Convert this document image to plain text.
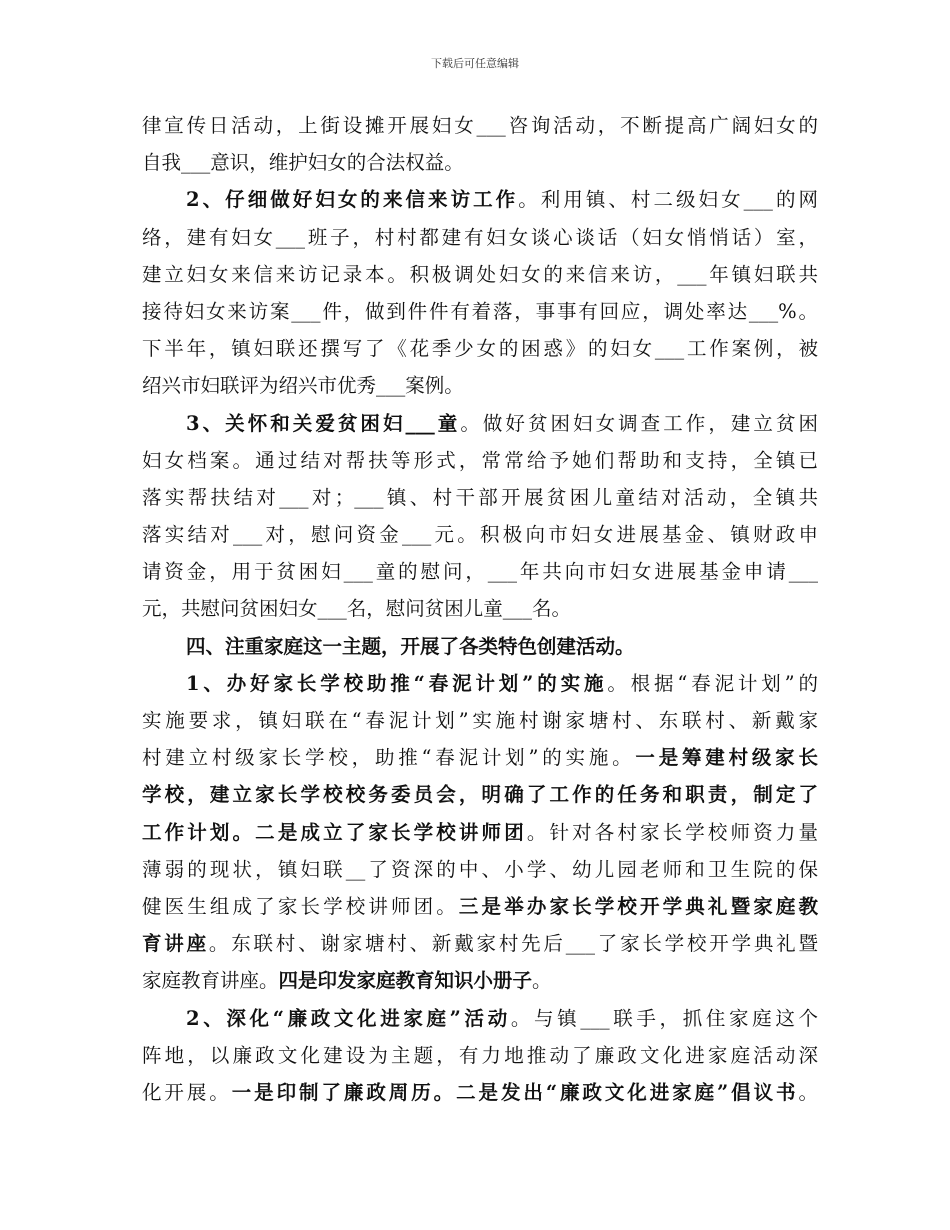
下载后可任意编辑
律宣传日活动，上街设摊开展妇女___咨询活动，不断提高广阔妇女的
自我___意识，维护妇女的合法权益。
2、仔细做好妇女的来信来访工作。利用镇、村二级妇女___的网
络，建有妇女___班子，村村都建有妇女谈心谈话（妇女悄悄话）室，
建立妇女来信来访记录本。积极调处妇女的来信来访，___年镇妇联共
接待妇女来访案___件，做到件件有着落，事事有回应，调处率达___%。
下半年，镇妇联还撰写了《花季少女的困惑》的妇女___工作案例，被
绍兴市妇联评为绍兴市优秀___案例。
3、关怀和关爱贫困妇___童。做好贫困妇女调查工作，建立贫困
妇女档案。通过结对帮扶等形式，常常给予她们帮助和支持，全镇已
落实帮扶结对___对；___镇、村干部开展贫困儿童结对活动，全镇共
落实结对___对，慰问资金___元。积极向市妇女进展基金、镇财政申
请资金，用于贫困妇___童的慰问，___年共向市妇女进展基金申请___
元，共慰问贫困妇女___名，慰问贫困儿童___名。
四、注重家庭这一主题，开展了各类特色创建活动。
1、办好家长学校助推“春泥计划”的实施。根据“春泥计划”的
实施要求，镇妇联在“春泥计划”实施村谢家塘村、东联村、新戴家
村建立村级家长学校，助推“春泥计划”的实施。一是筹建村级家长
学校，建立家长学校校务委员会，明确了工作的任务和职责，制定了
工作计划。二是成立了家长学校讲师团。针对各村家长学校师资力量
薄弱的现状，镇妇联__了资深的中、小学、幼儿园老师和卫生院的保
健医生组成了家长学校讲师团。三是举办家长学校开学典礼暨家庭教
育讲座。东联村、谢家塘村、新戴家村先后___了家长学校开学典礼暨
家庭教育讲座。四是印发家庭教育知识小册子。
2、深化“廉政文化进家庭”活动。与镇___联手，抓住家庭这个
阵地，以廉政文化建设为主题，有力地推动了廉政文化进家庭活动深
化开展。一是印制了廉政周历。二是发出“廉政文化进家庭”倡议书。
